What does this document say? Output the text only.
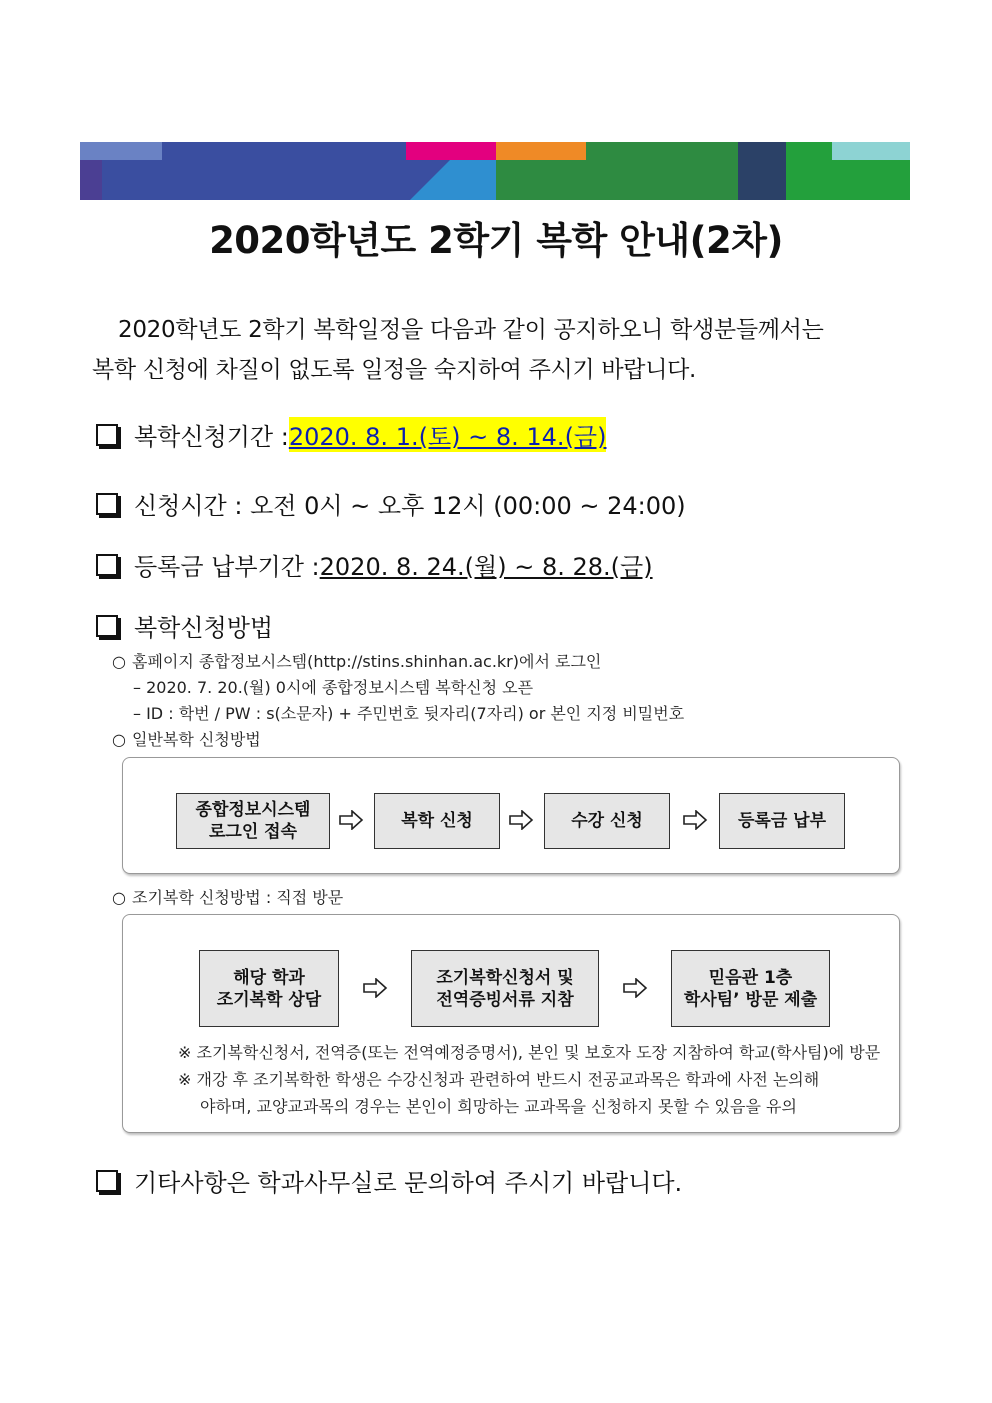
2020학년도 2학기 복학 안내(2차)

2020학년도 2학기 복학일정을 다음과 같이 공지하오니 학생분들께서는

복학 신청에 차질이 없도록 일정을 숙지하여 주시기 바랍니다.

복학신청기간 : 2020. 8. 1.(토) ~ 8. 14.(금)
신청시간 : 오전 0시 ~ 오후 12시 (00:00 ~ 24:00)
등록금 납부기간 : 2020. 8. 24.(월) ~ 8. 28.(금)
복학신청방법
○ 홈페이지 종합정보시스템(http://stins.shinhan.ac.kr)에서 로그인
– 2020. 7. 20.(월) 0시에 종합정보시스템 복학신청 오픈
– ID : 학번 / PW : s(소문자) + 주민번호 뒷자리(7자리) or 본인 지정 비밀번호
○ 일반복학 신청방법
종합정보시스템
로그인 접속
복학 신청	수강 신청	등록금 납부
○ 조기복학 신청방법 : 직접 방문
해당 학과
조기복학 상담
조기복학신청서 및
전역증빙서류 지참
믿음관 1층
학사팀’ 방문 제출
※ 조기복학신청서, 전역증(또는 전역예정증명서), 본인 및 보호자 도장 지참하여 학교(학사팀)에 방문
※ 개강 후 조기복학한 학생은 수강신청과 관련하여 반드시 전공교과목은 학과에 사전 논의해
야하며, 교양교과목의 경우는 본인이 희망하는 교과목을 신청하지 못할 수 있음을 유의
기타사항은 학과사무실로 문의하여 주시기 바랍니다.
